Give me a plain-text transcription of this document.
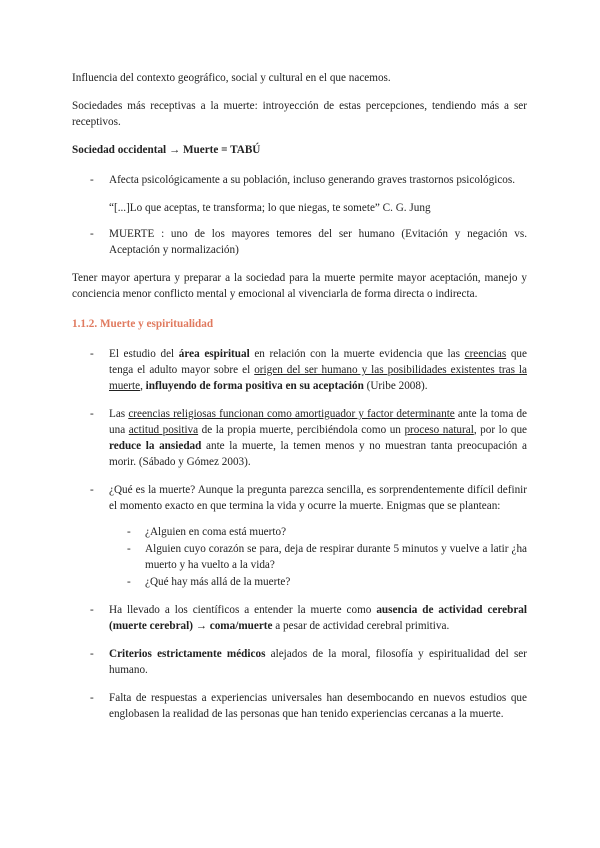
Influencia del contexto geográfico, social y cultural en el que nacemos.

Sociedades más receptivas a la muerte: introyección de estas percepciones, tendiendo más a ser receptivos.

Sociedad occidental → Muerte = TABÚ

- Afecta psicológicamente a su población, incluso generando graves trastornos psicológicos.

“[...]Lo que aceptas, te transforma; lo que niegas, te somete” C. G. Jung

- MUERTE : uno de los mayores temores del ser humano (Evitación y negación vs. Aceptación y normalización)

Tener mayor apertura y preparar a la sociedad para la muerte permite mayor aceptación, manejo y conciencia menor conflicto mental y emocional al vivenciarla de forma directa o indirecta.

1.1.2. Muerte y espiritualidad

- El estudio del área espiritual en relación con la muerte evidencia que las creencias que tenga el adulto mayor sobre el origen del ser humano y las posibilidades existentes tras la muerte, influyendo de forma positiva en su aceptación (Uribe 2008).
- Las creencias religiosas funcionan como amortiguador y factor determinante ante la toma de una actitud positiva de la propia muerte, percibiéndola como un proceso natural, por lo que reduce la ansiedad ante la muerte, la temen menos y no muestran tanta preocupación a morir. (Sábado y Gómez 2003).
- ¿Qué es la muerte? Aunque la pregunta parezca sencilla, es sorprendentemente difícil definir el momento exacto en que termina la vida y ocurre la muerte. Enigmas que se plantean:
- ¿Alguien en coma está muerto?
- Alguien cuyo corazón se para, deja de respirar durante 5 minutos y vuelve a latir ¿ha muerto y ha vuelto a la vida?
- ¿Qué hay más allá de la muerte?
- Ha llevado a los científicos a entender la muerte como ausencia de actividad cerebral (muerte cerebral) → coma/muerte a pesar de actividad cerebral primitiva.
- Criterios estrictamente médicos alejados de la moral, filosofía y espiritualidad del ser humano.
- Falta de respuestas a experiencias universales han desembocando en nuevos estudios que englobasen la realidad de las personas que han tenido experiencias cercanas a la muerte.
